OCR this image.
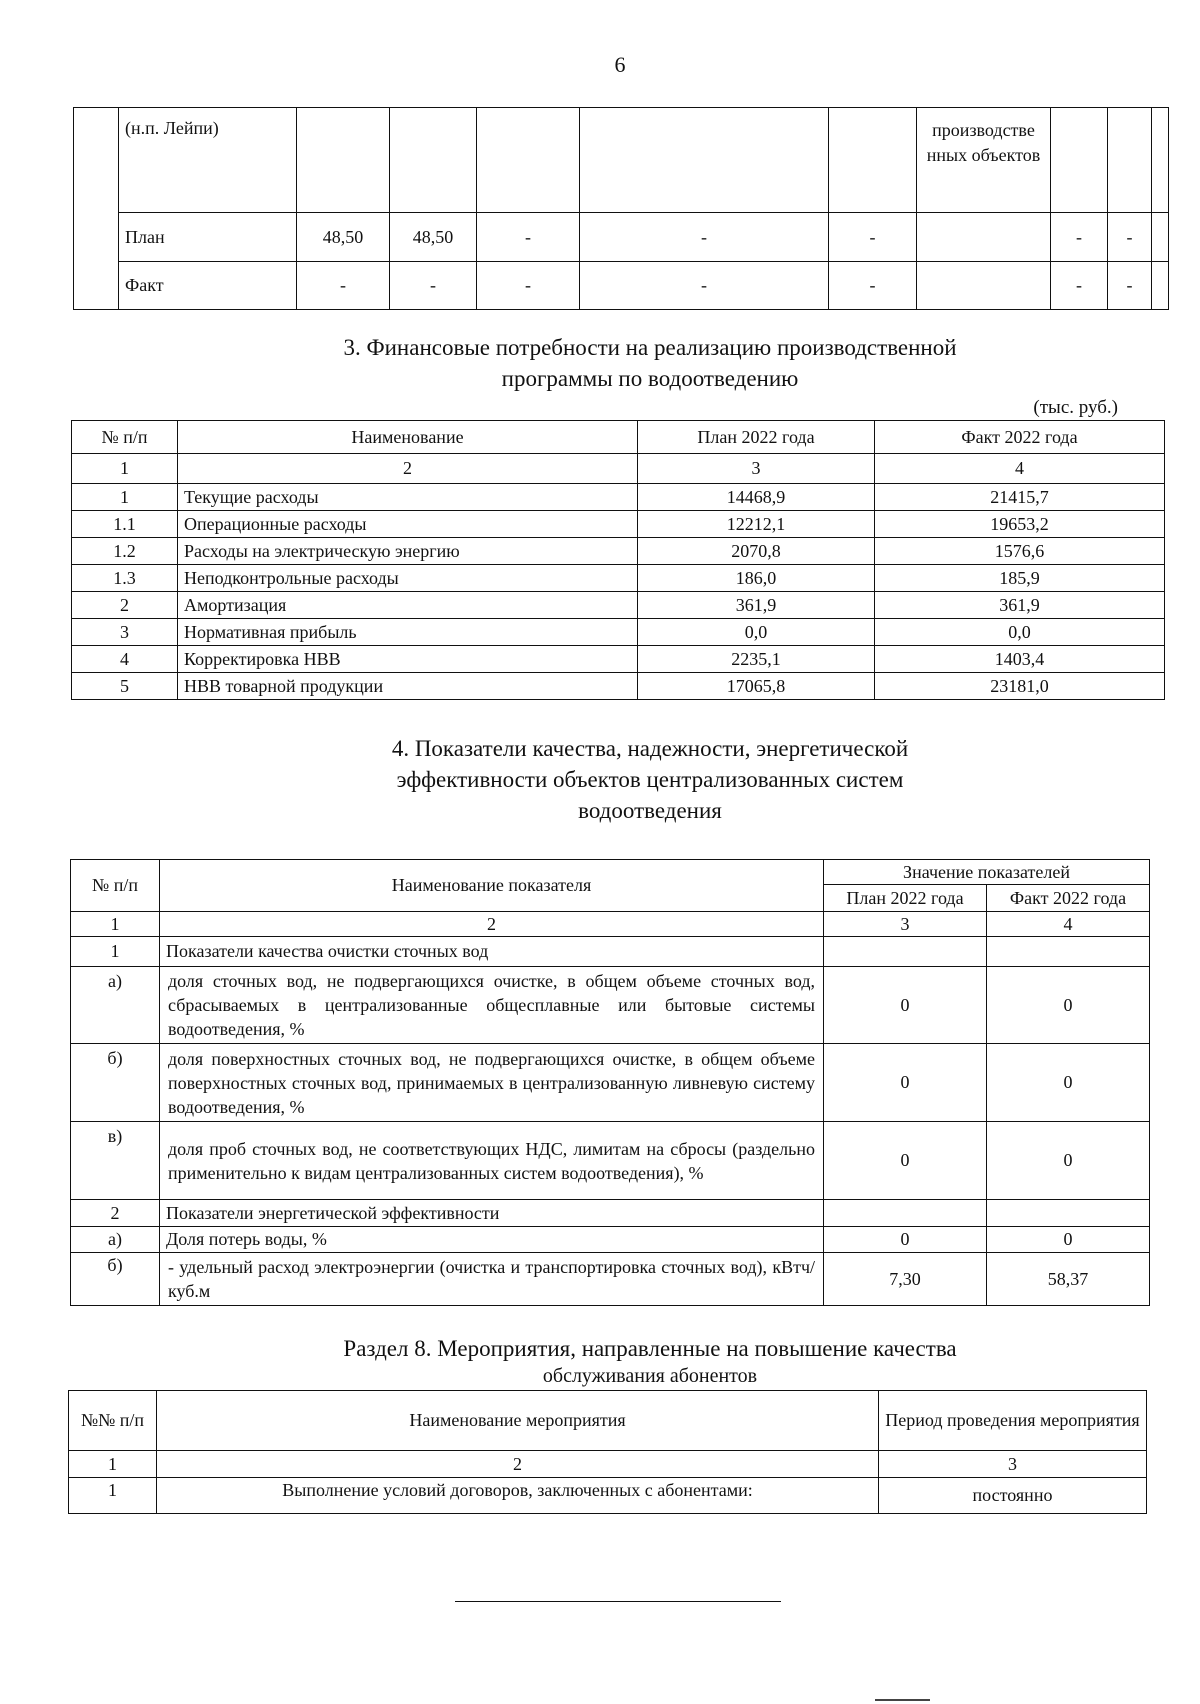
6
	(н.п. Лейпи)						производстве нных объектов			
	План	48,50	48,50	-	-	-		-	-	
	Факт	-	-	-	-	-		-	-	
3. Финансовые потребности на реализацию производственной
программы по водоотведению
(тыс. руб.)
№ п/п	Наименование	План 2022 года	Факт 2022 года
1	2	3	4
1	Текущие расходы	14468,9	21415,7
1.1	Операционные расходы	12212,1	19653,2
1.2	Расходы на электрическую энергию	2070,8	1576,6
1.3	Неподконтрольные расходы	186,0	185,9
2	Амортизация	361,9	361,9
3	Нормативная прибыль	0,0	0,0
4	Корректировка НВВ	2235,1	1403,4
5	НВВ товарной продукции	17065,8	23181,0
4. Показатели качества, надежности, энергетической
эффективности объектов централизованных систем
водоотведения
№ п/п	Наименование показателя	Значение показателей	
		План 2022 года	Факт 2022 года
1	2	3	4
1	Показатели качества очистки сточных вод		
а)	доля сточных вод, не подвергающихся очистке, в общем объеме сточных вод, сбрасываемых в централизованные общесплавные или бытовые системы водоотведения, %	0	0
б)	доля поверхностных сточных вод, не подвергающихся очистке, в общем объеме поверхностных сточных вод, принимаемых в централизованную ливневую систему водоотведения, %	0	0
в)	доля проб сточных вод, не соответствующих НДС, лимитам на сбросы (раздельно применительно к видам централизованных систем водоотведения), %	0	0
2	Показатели энергетической эффективности		
а)	Доля потерь воды, %	0	0
б)	- удельный расход электроэнергии (очистка и транспортировка сточных вод), кВтч/куб.м	7,30	58,37
Раздел 8. Мероприятия, направленные на повышение качества
обслуживания абонентов
№№ п/п	Наименование мероприятия	Период проведения мероприятия
1	2	3
1	Выполнение условий договоров, заключенных с абонентами:	постоянно
